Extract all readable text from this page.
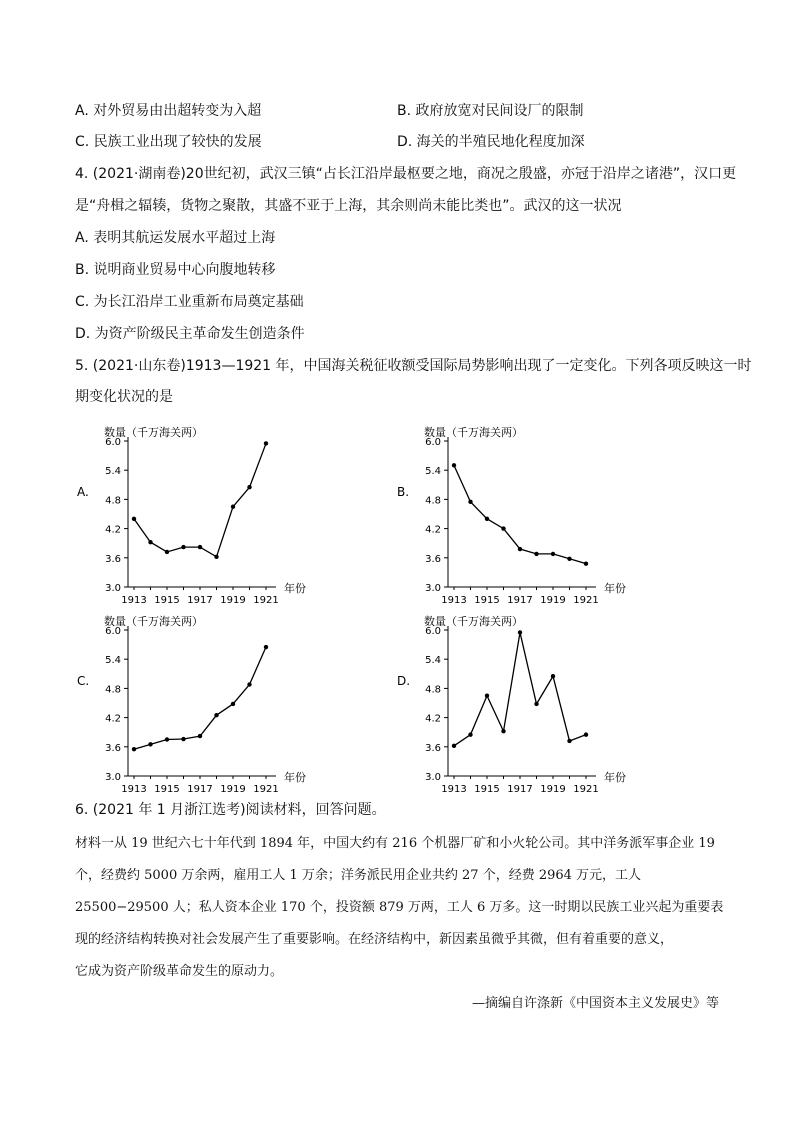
A. 对外贸易由出超转变为入超	B. 政府放宽对民间设厂的限制
C. 民族工业出现了较快的发展	D. 海关的半殖民地化程度加深
4. (2021·湖南卷)20世纪初，武汉三镇“占长江沿岸最枢要之地，商况之殷盛，亦冠于沿岸之诸港”，汉口更
是“舟楫之辐辏，货物之聚散，其盛不亚于上海，其余则尚未能比类也”。武汉的这一状况
A. 表明其航运发展水平超过上海
B. 说明商业贸易中心向腹地转移
C. 为长江沿岸工业重新布局奠定基础
D. 为资产阶级民主革命发生创造条件
5. (2021·山东卷)1913—1921 年，中国海关税征收额受国际局势影响出现了一定变化。下列各项反映这一时
期变化状况的是
A.
数量（千万海关两）
年份
3.0
3.6
4.2
4.8
5.4
6.0
1913 1915 1917 1919 1921
B.
数量（千万海关两）
年份
3.0
3.6
4.2
4.8
5.4
6.0
1913 1915 1917 1919 1921
C.
数量（千万海关两）
年份
3.0
3.6
4.2
4.8
5.4
6.0
1913 1915 1917 1919 1921
D.
数量（千万海关两）
年份
3.0
3.6
4.2
4.8
5.4
6.0
1913 1915 1917 1919 1921
6. (2021 年 1 月浙江选考)阅读材料，回答问题。
材料一从 19 世纪六七十年代到 1894 年，中国大约有 216 个机器厂矿和小火轮公司。其中洋务派军事企业 19
个，经费约 5000 万余两，雇用工人 1 万余；洋务派民用企业共约 27 个，经费 2964 万元，工人
25500−29500 人；私人资本企业 170 个，投资额 879 万两，工人 6 万多。这一时期以民族工业兴起为重要表
现的经济结构转换对社会发展产生了重要影响。在经济结构中，新因素虽微乎其微，但有着重要的意义，
它成为资产阶级革命发生的原动力。
—摘编自许涤新《中国资本主义发展史》等
